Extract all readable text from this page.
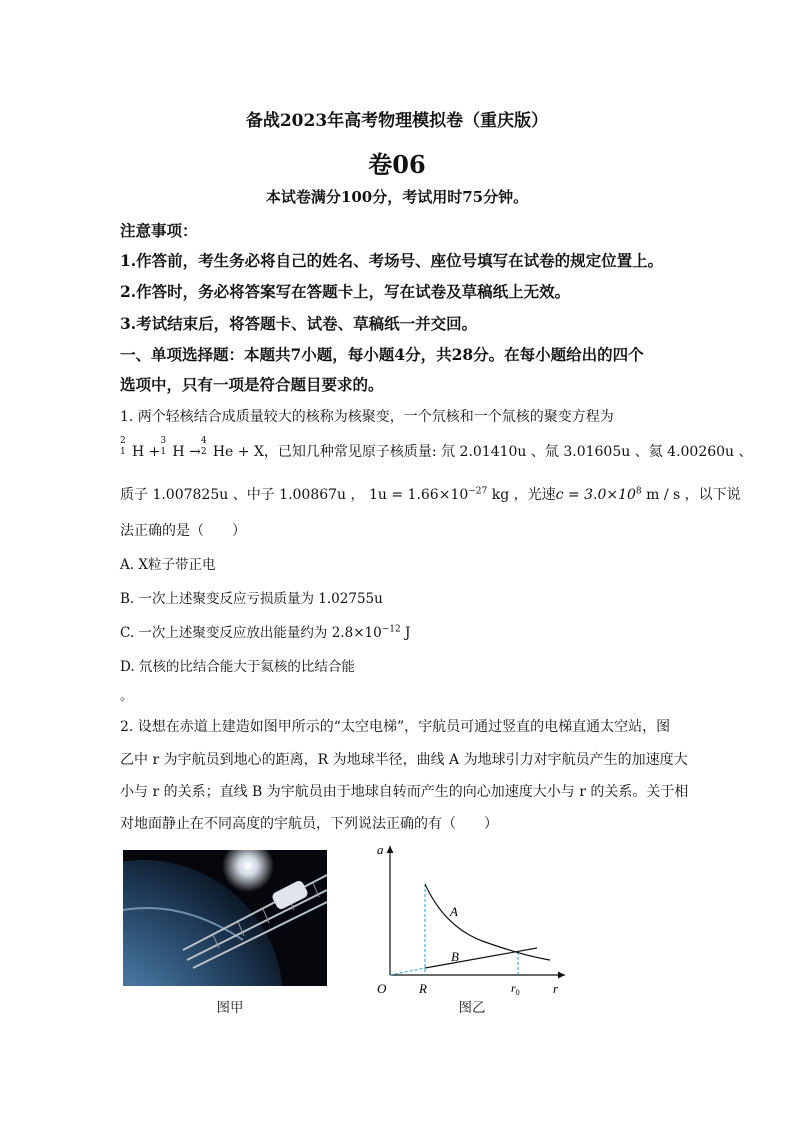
备战2023年高考物理模拟卷（重庆版）
卷06
本试卷满分100分，考试用时75分钟。
注意事项：
1.作答前，考生务必将自己的姓名、考场号、座位号填写在试卷的规定位置上。
2.作答时，务必将答案写在答题卡上，写在试卷及草稿纸上无效。
3.考试结束后，将答题卡、试卷、草稿纸一并交回。
一、单项选择题：本题共7小题，每小题4分，共28分。在每小题给出的四个
选项中，只有一项是符合题目要求的。
1. 两个轻核结合成质量较大的核称为核聚变，一个氘核和一个氚核的聚变方程为
2
1 H +
3
1 H →
4
2 He + X，已知几种常见原子核质量: 氘 2.01410u 、氚 3.01605u 、氦 4.00260u 、
质子 1.007825u 、中子 1.00867u ， $1u = 1.66\times 10^{-27}$ kg ，光速$c = 3.0\times 10^8$ m / s ，以下说
法正确的是（　　）
A. X粒子带正电
B. 一次上述聚变反应亏损质量为 1.02755u
C. 一次上述聚变反应放出能量约为 $2.8\times 10^{-12}$ J
D. 氘核的比结合能大于氦核的比结合能
。
2. 设想在赤道上建造如图甲所示的“太空电梯”，宇航员可通过竖直的电梯直通太空站，图
乙中 r 为宇航员到地心的距离，R 为地球半径，曲线 A 为地球引力对宇航员产生的加速度大
小与 r 的关系；直线 B 为宇航员由于地球自转而产生的向心加速度大小与 r 的关系。关于相
对地面静止在不同高度的宇航员，下列说法正确的有（　　）
图甲
a
r
O	R	$r_0$
A
B
图乙
